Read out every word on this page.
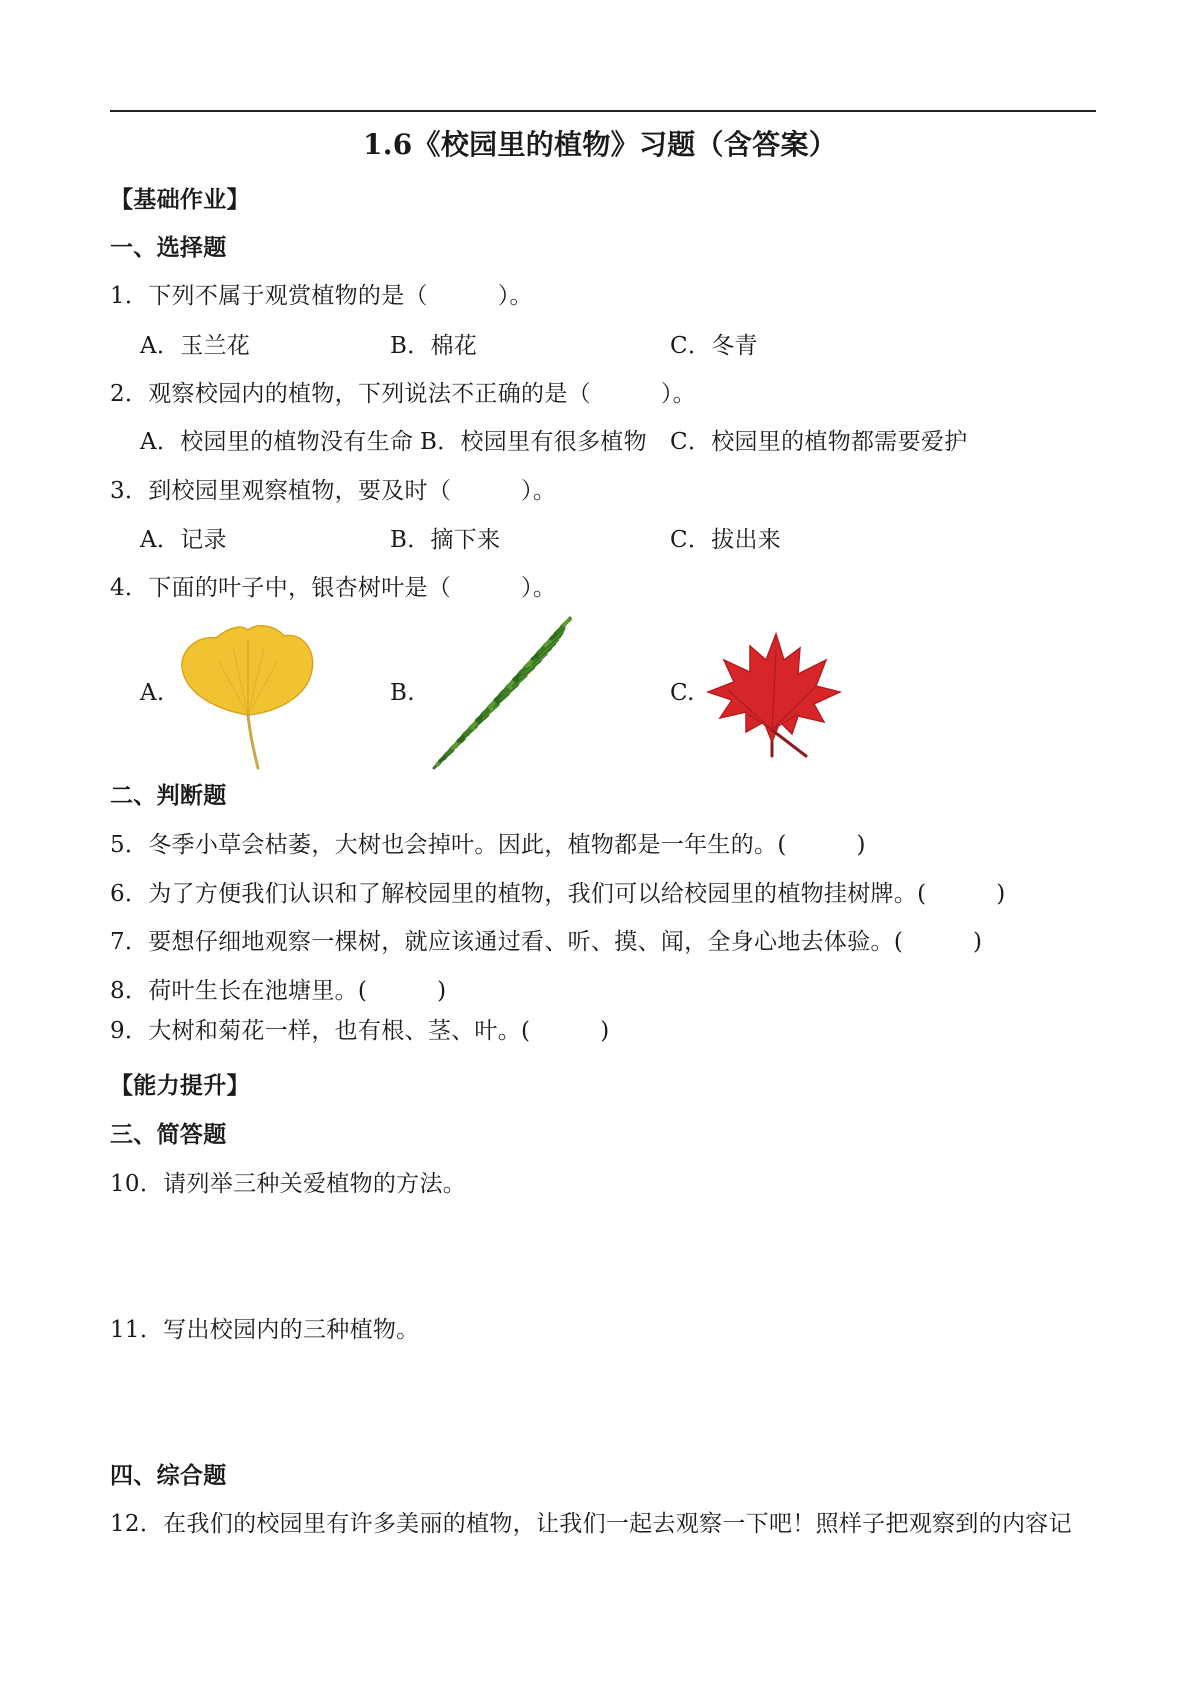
1.6《校园里的植物》习题（含答案）
【基础作业】
一、选择题
1．下列不属于观赏植物的是（　　　）。
A．玉兰花	B．棉花	C．冬青
2．观察校园内的植物，下列说法不正确的是（　　　）。
A．校园里的植物没有生命 B．校园里有很多植物 C．校园里的植物都需要爱护
3．到校园里观察植物，要及时（　　　）。
A．记录	B．摘下来	C．拔出来
4．下面的叶子中，银杏树叶是（　　　）。
A.	B.	C.
二、判断题
5．冬季小草会枯萎，大树也会掉叶。因此，植物都是一年生的。(　　　)
6．为了方便我们认识和了解校园里的植物，我们可以给校园里的植物挂树牌。(　　　)
7．要想仔细地观察一棵树，就应该通过看、听、摸、闻，全身心地去体验。(　　　)
8．荷叶生长在池塘里。(　　　)
9．大树和菊花一样，也有根、茎、叶。(　　　)
【能力提升】
三、简答题
10．请列举三种关爱植物的方法。
11．写出校园内的三种植物。
四、综合题
12．在我们的校园里有许多美丽的植物，让我们一起去观察一下吧！照样子把观察到的内容记
